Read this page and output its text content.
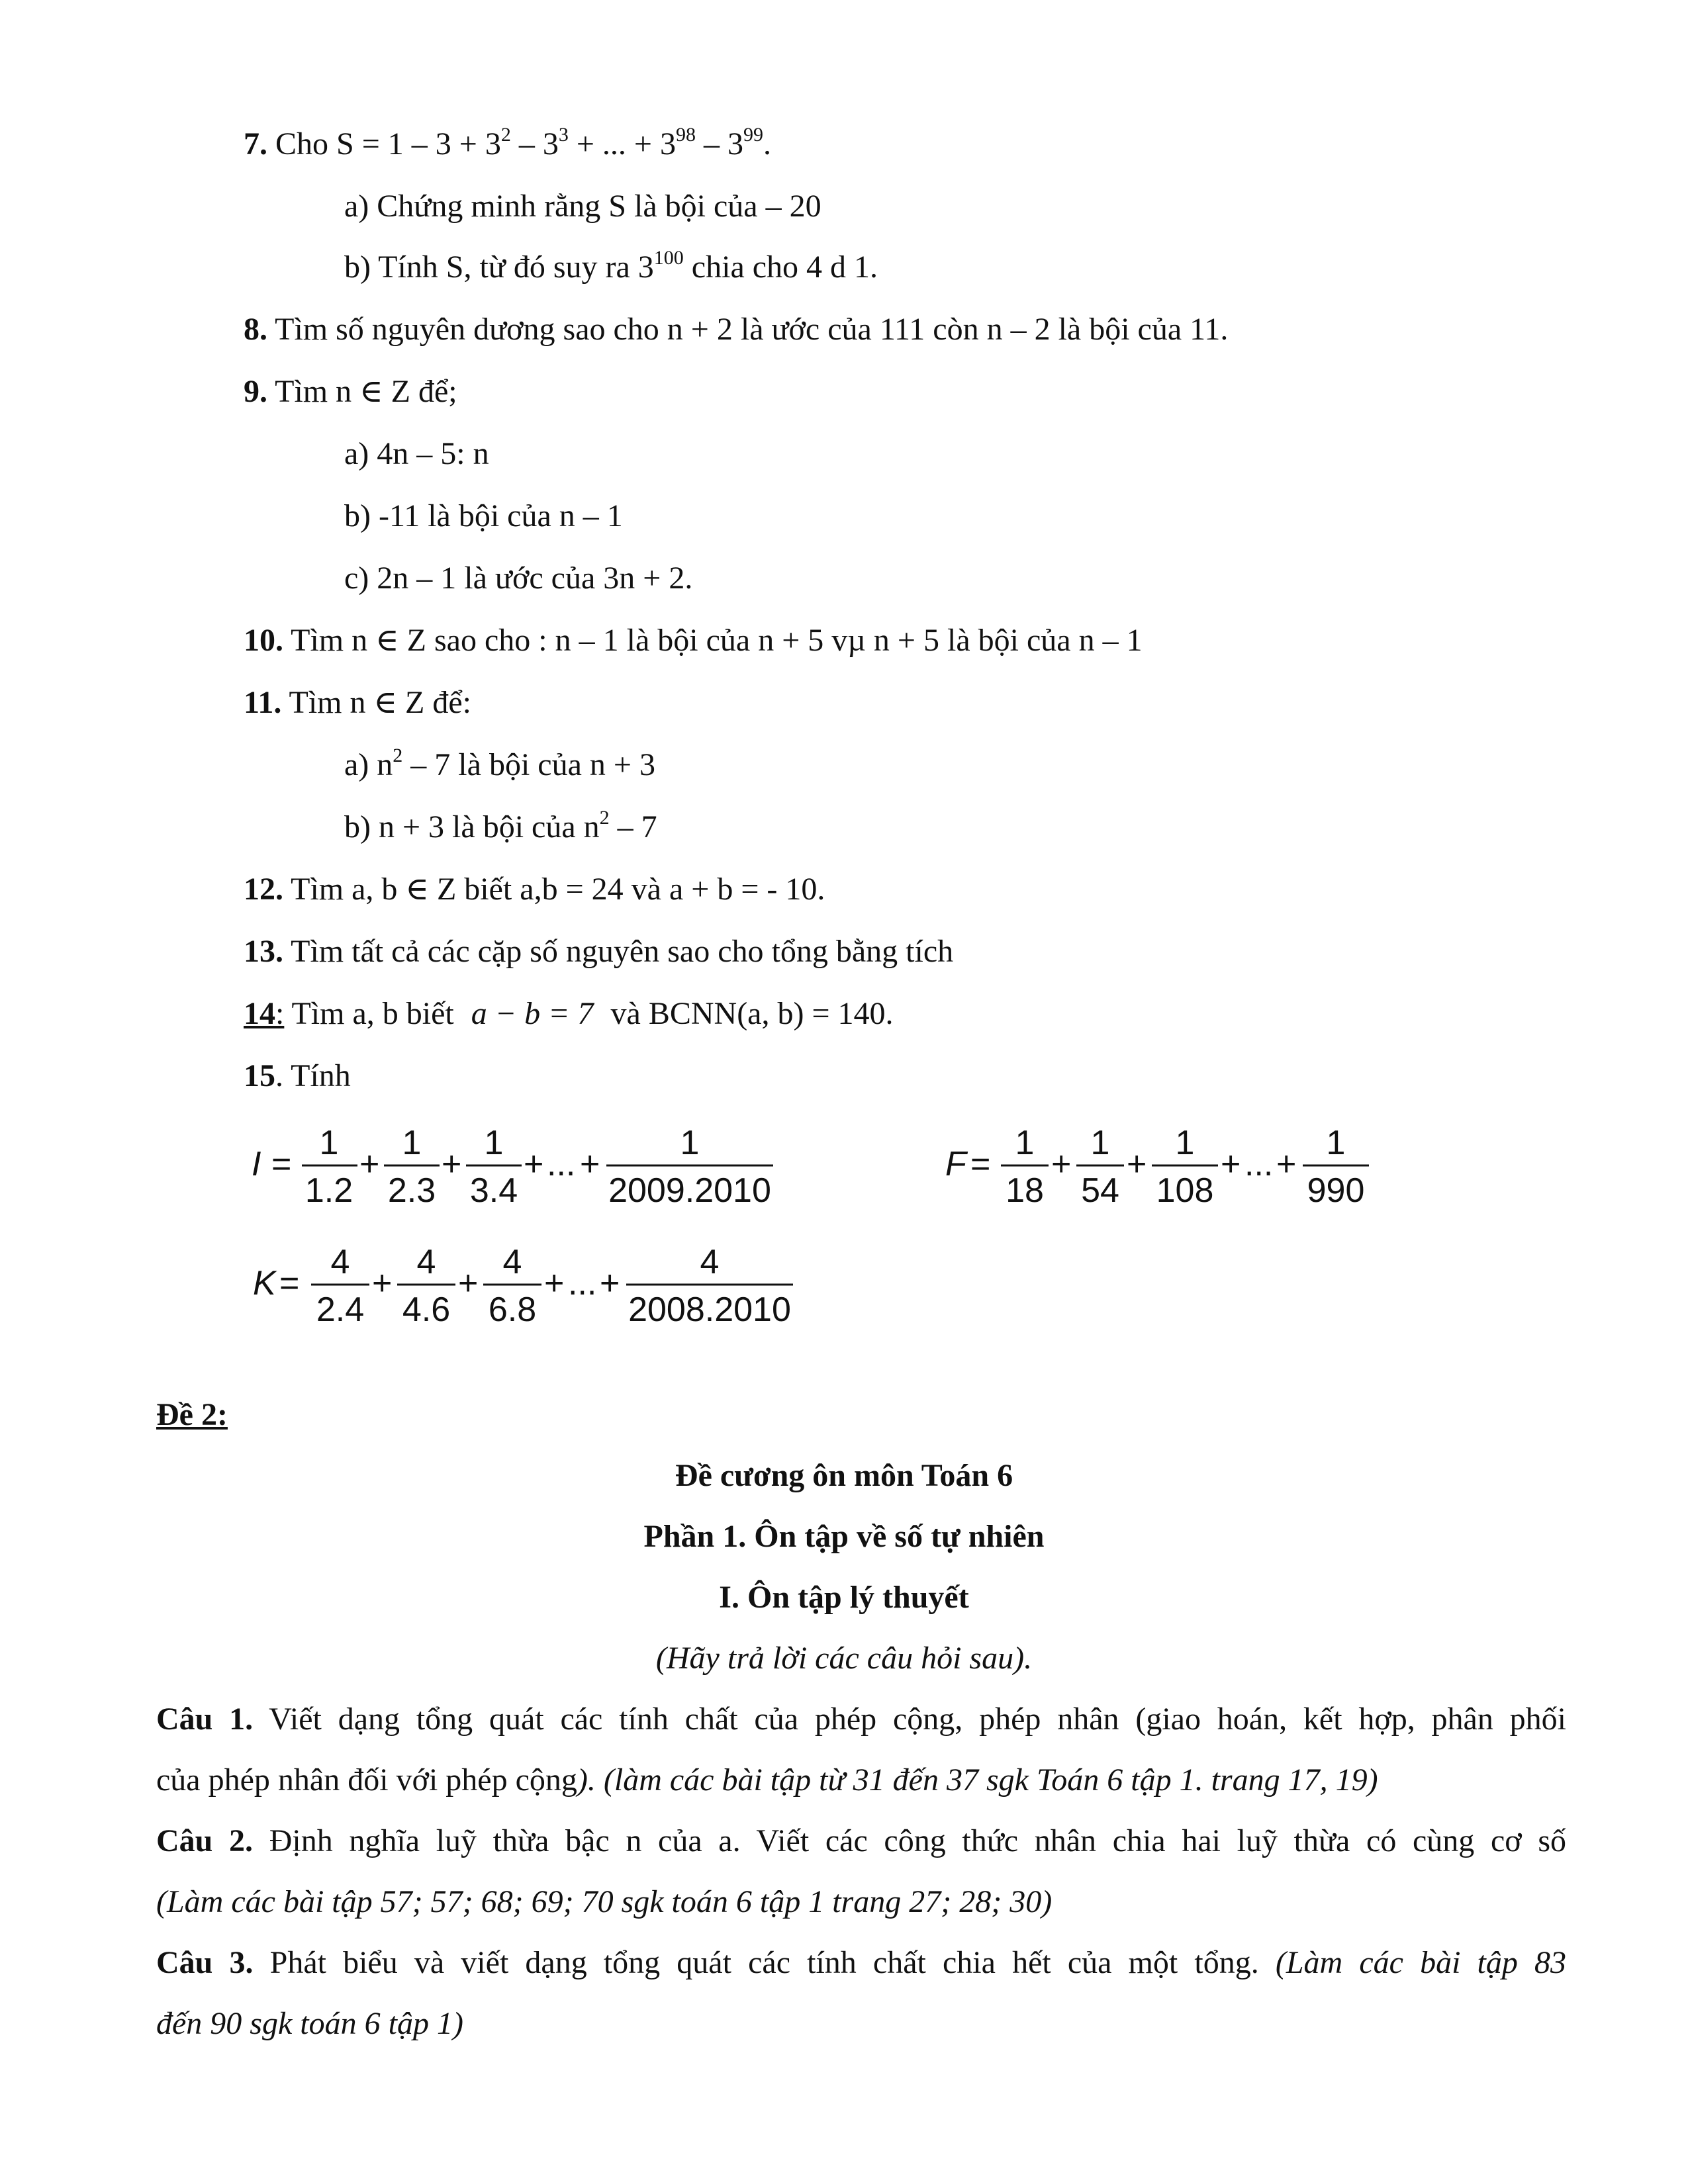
7. Cho $S = 1 - 3 + 3^2 - 3^3$ + ... + $3^{98} - 3^{99}$.
a) Chứng minh rằng S là bội của – 20
b) Tính S, từ đó suy ra $3^{100}$ chia cho 4 d 1.
8. Tìm số nguyên dương sao cho n + 2 là ước của 111 còn n – 2 là bội của 11.
9. Tìm n ∈ Z để;
a) 4n – 5: n
b) -11 là bội của n – 1
c) 2n – 1 là ước của 3n + 2.
10. Tìm n ∈ Z sao cho : n – 1 là bội của n + 5 vµ n + 5 là bội của n – 1
11. Tìm n ∈ Z để:
a) $n^2 - 7$ là bội của n + 3
b) n + 3 là bội của $n^2 - 7$
12. Tìm a, b ∈ Z biết a,b = 24 và a + b = - 10.
13. Tìm tất cả các cặp số nguyên sao cho tổng bằng tích
14: Tìm a, b biết a − b = 7 và BCNN(a, b) = 140.
15. Tính
I =
1
1.2
+
1
2.3
+
1
3.4
+ ... +
1
2009.2010
F =
1
18
+
1
54
+
1
108
+ ... +
1
990
K =
4
2.4
+
4
4.6
+
4
6.8
+ ... +
4
2008.2010
Đề 2:
Đề cương ôn môn Toán 6
Phần 1. Ôn tập về số tự nhiên
I. Ôn tập lý thuyết
(Hãy trả lời các câu hỏi sau).
Câu 1. Viết dạng tổng quát các tính chất của phép cộng, phép nhân (giao hoán, kết hợp, phân phối
của phép nhân đối với phép cộng). (làm các bài tập từ 31 đến 37 sgk Toán 6 tập 1. trang 17, 19)
Câu 2. Định nghĩa luỹ thừa bậc n của a. Viết các công thức nhân chia hai luỹ thừa có cùng cơ số
(Làm các bài tập 57; 57; 68; 69; 70 sgk toán 6 tập 1 trang 27; 28; 30)
Câu 3. Phát biểu và viết dạng tổng quát các tính chất chia hết của một tổng. (Làm các bài tập 83
đến 90 sgk toán 6 tập 1)
